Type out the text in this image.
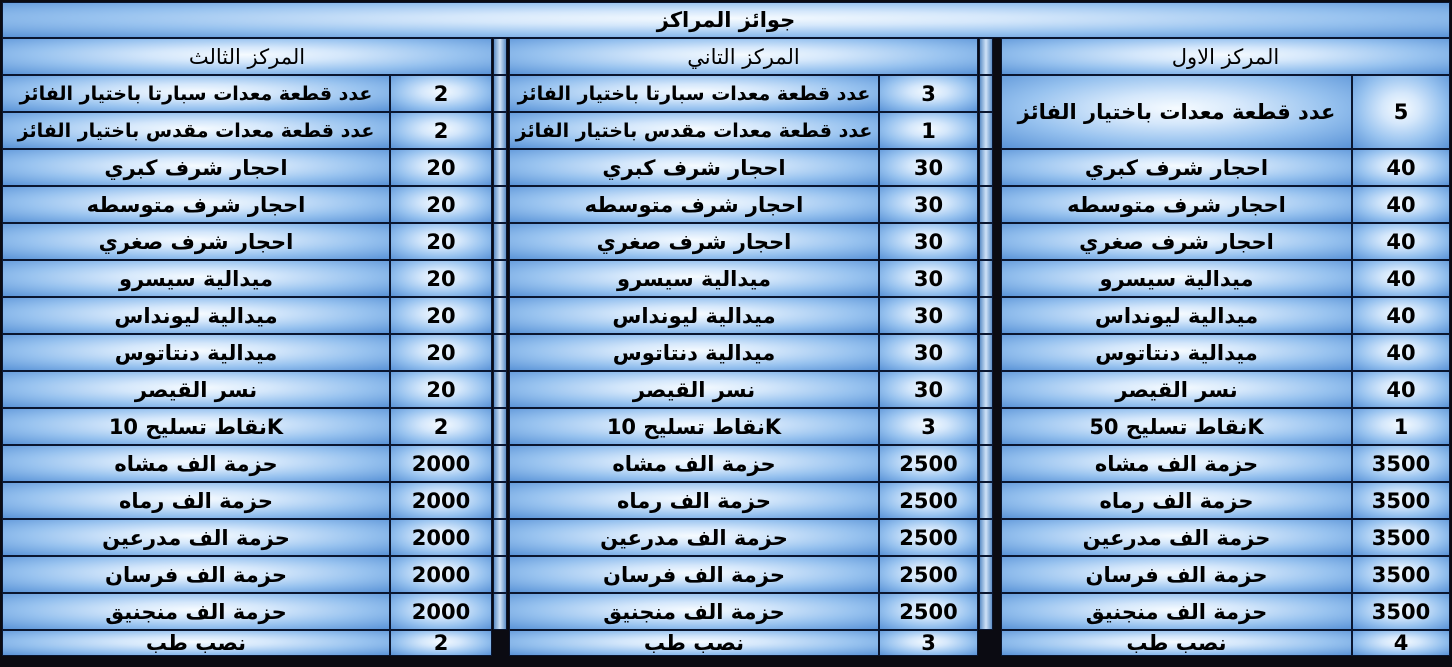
جوائز المراكز
المركز الاول
5
عدد قطعة معدات باختيار الفائز
40
احجار شرف كبري
40
احجار شرف متوسطه
40
احجار شرف صغري
40
ميدالية سيسرو
40
ميدالية ليونداس
40
ميدالية دنتاتوس
40
نسر القيصر
1
نقاط تسليح 50K
3500
حزمة الف مشاه
3500
حزمة الف رماه
3500
حزمة الف مدرعين
3500
حزمة الف فرسان
3500
حزمة الف منجنيق
4
نصب طب
المركز التاني
3
عدد قطعة معدات سبارتا باختيار الفائز
1
عدد قطعة معدات مقدس باختيار الفائز
30
احجار شرف كبري
30
احجار شرف متوسطه
30
احجار شرف صغري
30
ميدالية سيسرو
30
ميدالية ليونداس
30
ميدالية دنتاتوس
30
نسر القيصر
3
نقاط تسليح 10K
2500
حزمة الف مشاه
2500
حزمة الف رماه
2500
حزمة الف مدرعين
2500
حزمة الف فرسان
2500
حزمة الف منجنيق
3
نصب طب
المركز الثالث
2
عدد قطعة معدات سبارتا باختيار الفائز
2
عدد قطعة معدات مقدس باختيار الفائز
20
احجار شرف كبري
20
احجار شرف متوسطه
20
احجار شرف صغري
20
ميدالية سيسرو
20
ميدالية ليونداس
20
ميدالية دنتاتوس
20
نسر القيصر
2
نقاط تسليح 10K
2000
حزمة الف مشاه
2000
حزمة الف رماه
2000
حزمة الف مدرعين
2000
حزمة الف فرسان
2000
حزمة الف منجنيق
2
نصب طب
